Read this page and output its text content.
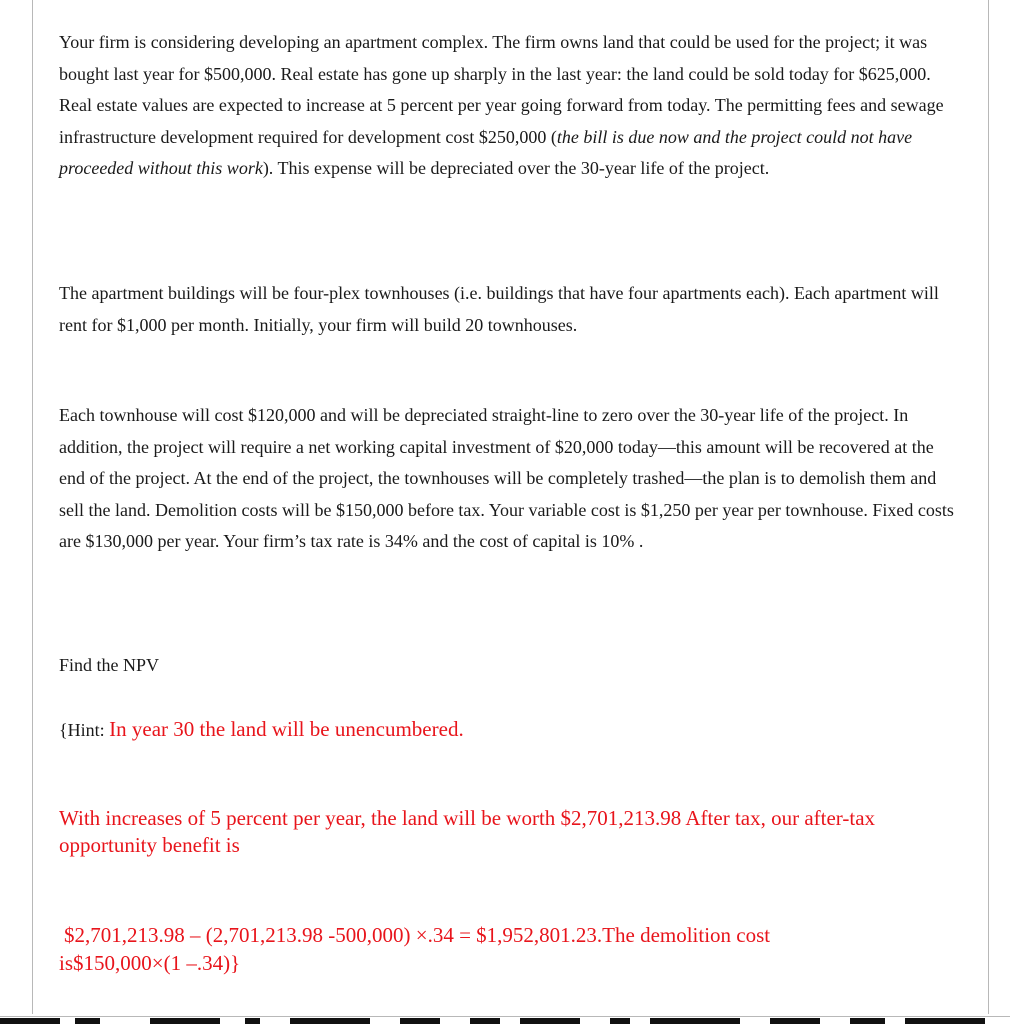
Your firm is considering developing an apartment complex. The firm owns land that could be used for the project; it was bought last year for $500,000. Real estate has gone up sharply in the last year: the land could be sold today for $625,000. Real estate values are expected to increase at 5 percent per year going forward from today. The permitting fees and sewage infrastructure development required for development cost $250,000 (the bill is due now and the project could not have proceeded without this work). This expense will be depreciated over the 30-year life of the project.

The apartment buildings will be four-plex townhouses (i.e. buildings that have four apartments each). Each apartment will rent for $1,000 per month. Initially, your firm will build 20 townhouses.

Each townhouse will cost $120,000 and will be depreciated straight-line to zero over the 30-year life of the project. In addition, the project will require a net working capital investment of $20,000 today—this amount will be recovered at the end of the project. At the end of the project, the townhouses will be completely trashed—the plan is to demolish them and sell the land. Demolition costs will be $150,000 before tax. Your variable cost is $1,250 per year per townhouse. Fixed costs are $130,000 per year. Your firm’s tax rate is 34% and the cost of capital is 10% .

Find the NPV

{Hint: In year 30 the land will be unencumbered.

With increases of 5 percent per year, the land will be worth $2,701,213.98 After tax, our after-tax opportunity benefit is

$2,701,213.98 – (2,701,213.98 -500,000) ×.34 = $1,952,801.23.The demolition cost
is$150,000×(1 –.34)}
